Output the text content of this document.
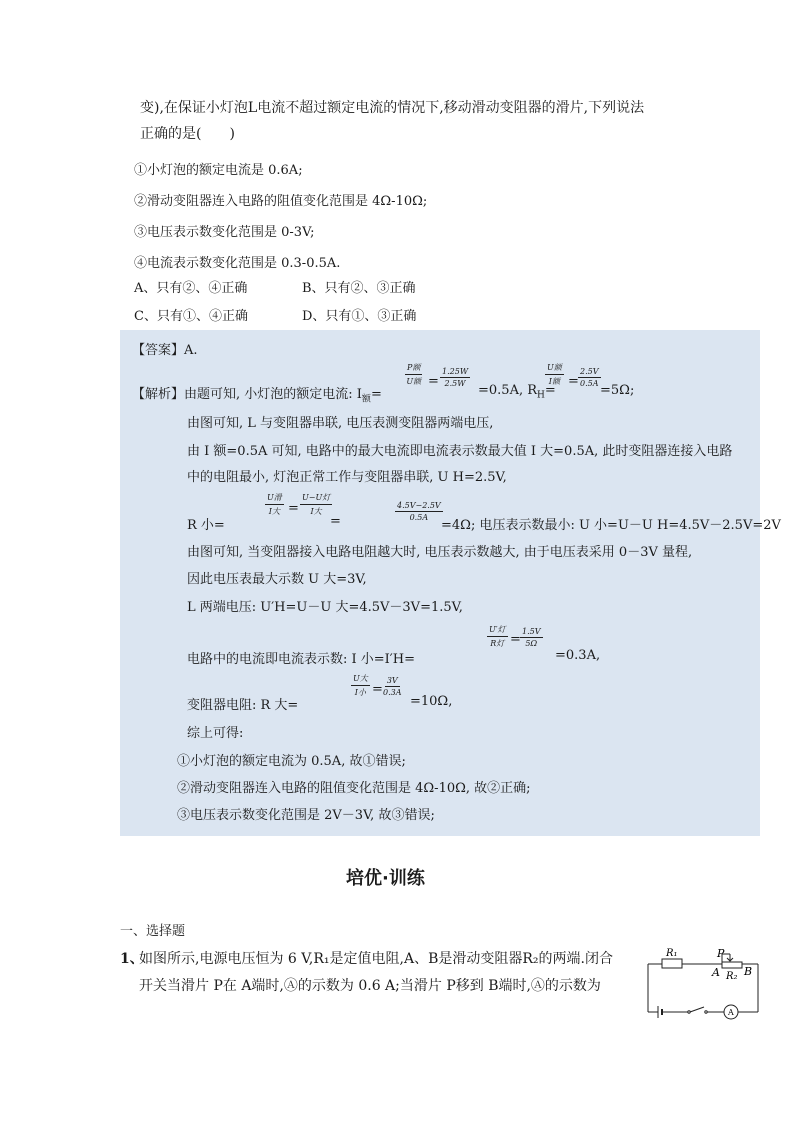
变),在保证小灯泡L电流不超过额定电流的情况下,移动滑动变阻器的滑片,下列说法
正确的是(　　)
①小灯泡的额定电流是 0.6A;
②滑动变阻器连入电路的阻值变化范围是 4Ω-10Ω;
③电压表示数变化范围是 0-3V;
④电流表示数变化范围是 0.3-0.5A.
A、只有②、④正确	B、只有②、③正确
C、只有①、④正确	D、只有①、③正确
【答案】A.
【解析】由题可知, 小灯泡的额定电流: $I_额=$
P额
U额 = $\frac{1.25W}{2.5W}$
=0.5A, $R_H=$
U额
I额 = $\frac{2.5V}{0.5A}$
=5Ω;
由图可知, L 与变阻器串联, 电压表测变阻器两端电压,
由 I 额=0.5A 可知, 电路中的最大电流即电流表示数最大值 I 大=0.5A, 此时变阻器连接入电路
中的电阻最小, 灯泡正常工作与变阻器串联, U H=2.5V,
R 小=
U滑
I大 =
U−U灯
I大
=	$\frac{4.5V-2.5V}{0.5A}$
=4Ω; 电压表示数最小: U 小=U－U H=4.5V－2.5V=2V
由图可知, 当变阻器接入电路电阻越大时, 电压表示数越大, 由于电压表采用 0－3V 量程,
因此电压表最大示数 U 大=3V,
L 两端电压: U′H=U－U 大=4.5V－3V=1.5V,
电路中的电流即电流表示数: I 小=I′H=
U′灯
R灯 = $\frac{1.5V}{5\Omega}$
=0.3A,
变阻器电阻: R 大=
U大
I小 = $\frac{3V}{0.3A}$
=10Ω,
综上可得:
①小灯泡的额定电流为 0.5A, 故①错误;
②滑动变阻器连入电路的阻值变化范围是 4Ω-10Ω, 故②正确;
③电压表示数变化范围是 2V－3V, 故③错误;
培优·训练
一、选择题
1、
如图所示,电源电压恒为 6 V,R₁是定值电阻,A、B是滑动变阻器R₂的两端.闭合
开关当滑片 P在 A端时,Ⓐ的示数为 0.6 A;当滑片 P移到 B端时,Ⓐ的示数为
R₁	P
A R₂ B
A
